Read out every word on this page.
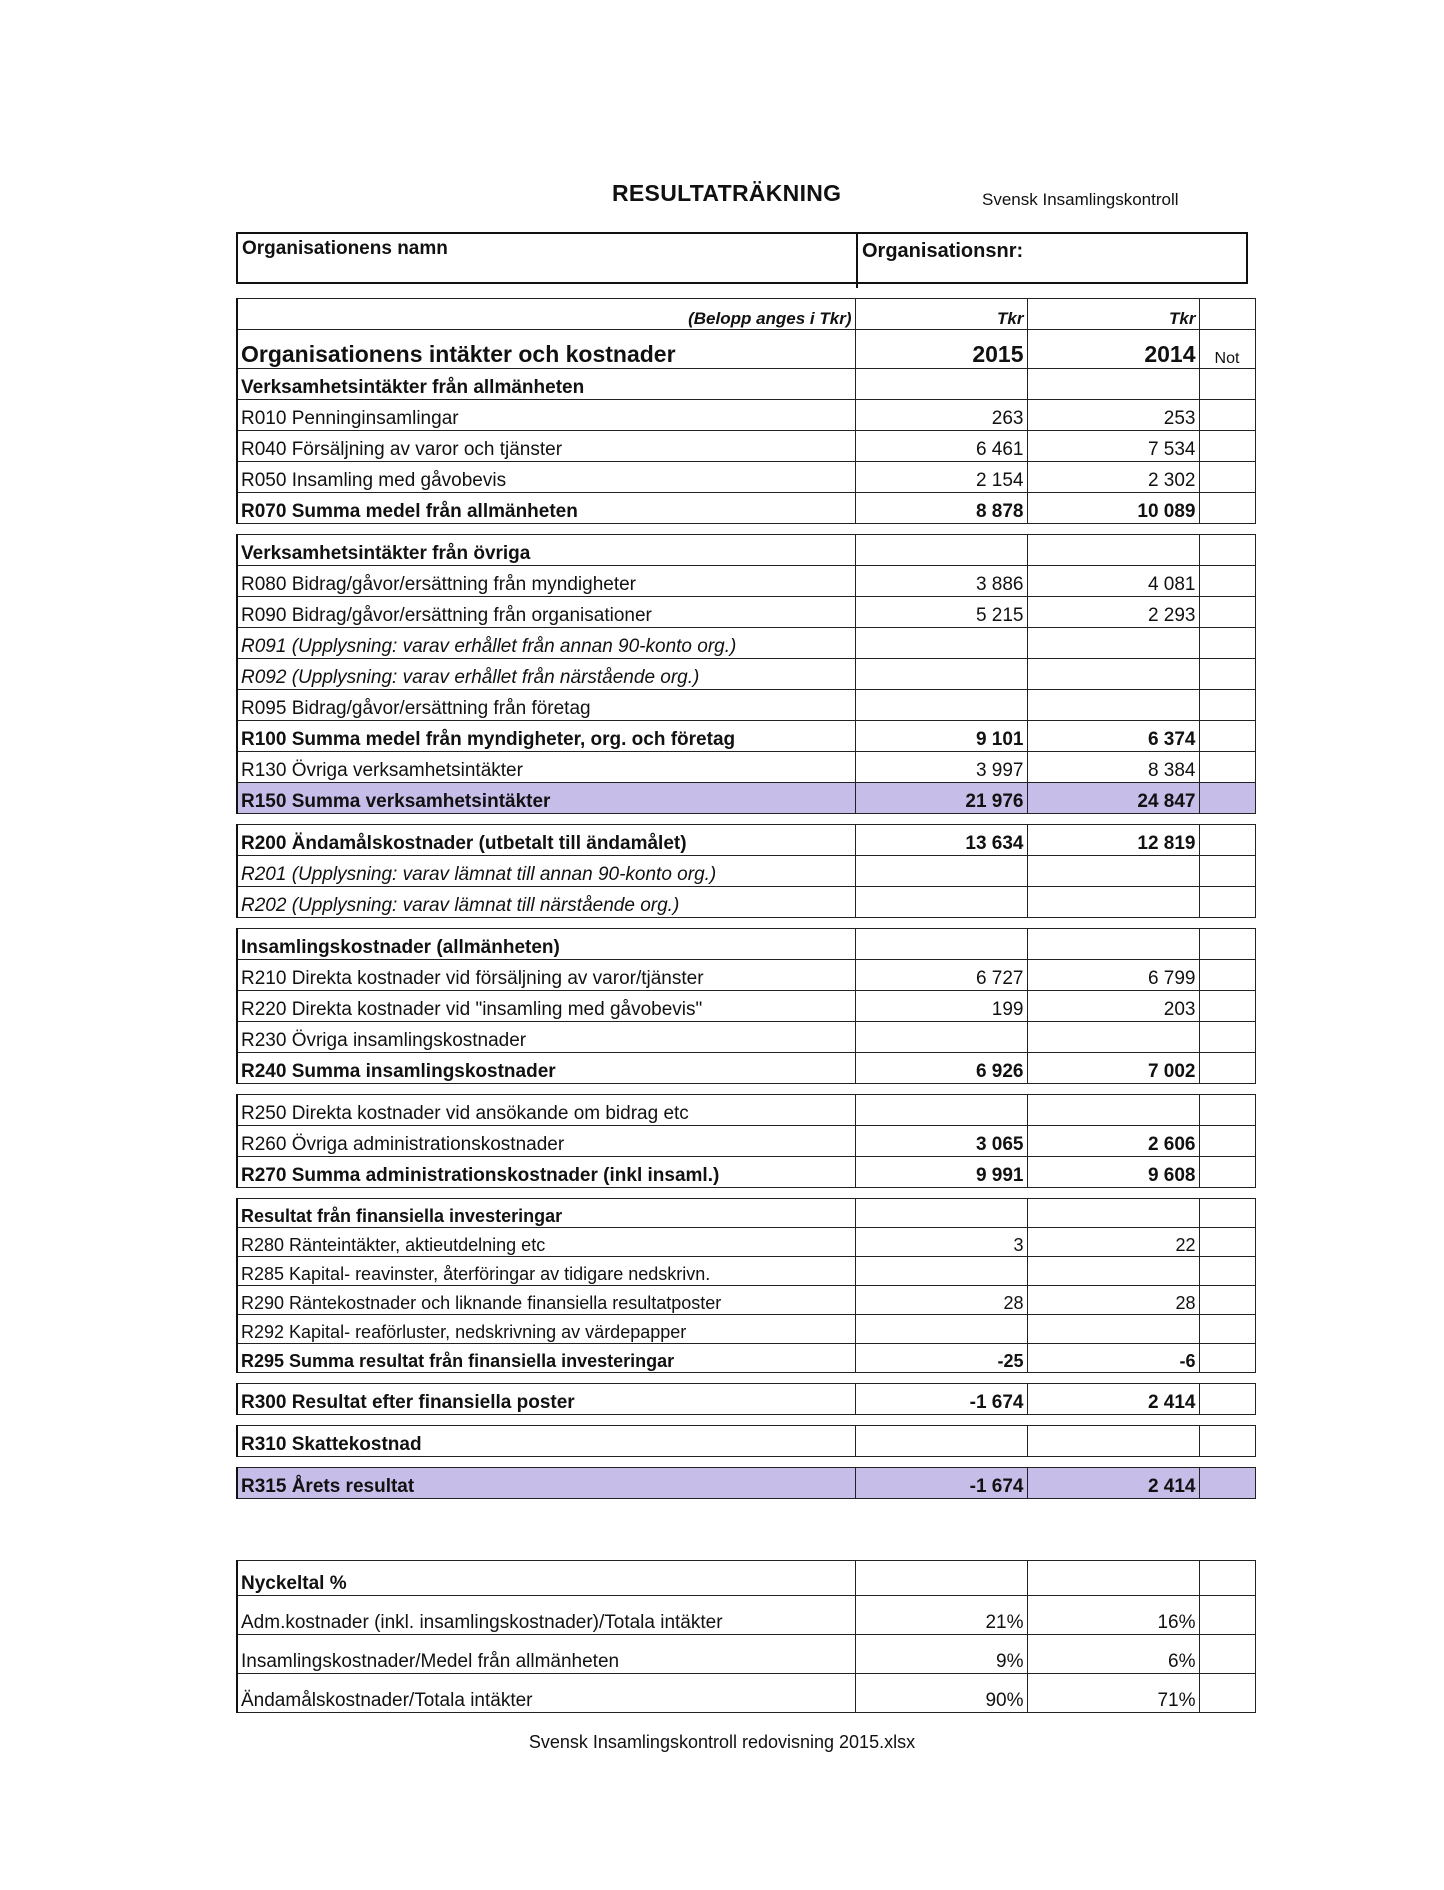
RESULTATRÄKNING	Svensk Insamlingskontroll
Organisationens namn	Organisationsnr:
(Belopp anges i Tkr)	Tkr	Tkr	
Organisationens intäkter och kostnader	2015	2014	Not
Verksamhetsintäkter från allmänheten			
R010 Penninginsamlingar	263	253	
R040 Försäljning av varor och tjänster	6 461	7 534	
R050 Insamling med gåvobevis	2 154	2 302	
R070 Summa medel från allmänheten	8 878	10 089	

Verksamhetsintäkter från övriga			
R080 Bidrag/gåvor/ersättning från myndigheter	3 886	4 081	
R090 Bidrag/gåvor/ersättning från organisationer	5 215	2 293	
R091 (Upplysning: varav erhållet från annan 90-konto org.)			
R092 (Upplysning: varav erhållet från närstående org.)			
R095 Bidrag/gåvor/ersättning från företag			
R100 Summa medel från myndigheter, org. och företag	9 101	6 374	
R130 Övriga verksamhetsintäkter	3 997	8 384	
R150 Summa verksamhetsintäkter	21 976	24 847	

R200 Ändamålskostnader (utbetalt till ändamålet)	13 634	12 819	
R201 (Upplysning: varav lämnat till annan 90-konto org.)			
R202 (Upplysning: varav lämnat till närstående org.)			

Insamlingskostnader (allmänheten)			
R210 Direkta kostnader vid försäljning av varor/tjänster	6 727	6 799	
R220 Direkta kostnader vid "insamling med gåvobevis"	199	203	
R230 Övriga insamlingskostnader			
R240 Summa insamlingskostnader	6 926	7 002	

R250 Direkta kostnader vid ansökande om bidrag etc			
R260 Övriga administrationskostnader	3 065	2 606	
R270 Summa administrationskostnader (inkl insaml.)	9 991	9 608	

Resultat från finansiella investeringar			
R280 Ränteintäkter, aktieutdelning etc	3	22	
R285 Kapital- reavinster, återföringar av tidigare nedskrivn.			
R290 Räntekostnader och liknande finansiella resultatposter	28	28	
R292 Kapital- reaförluster, nedskrivning av värdepapper			
R295 Summa resultat från finansiella investeringar	-25	-6	

R300 Resultat efter finansiella poster	-1 674	2 414	

R310 Skattekostnad			

R315 Årets resultat	-1 674	2 414	
Nyckeltal %			
Adm.kostnader (inkl. insamlingskostnader)/Totala intäkter	21%	16%	
Insamlingskostnader/Medel från allmänheten	9%	6%	
Ändamålskostnader/Totala intäkter	90%	71%	
Svensk Insamlingskontroll redovisning 2015.xlsx
